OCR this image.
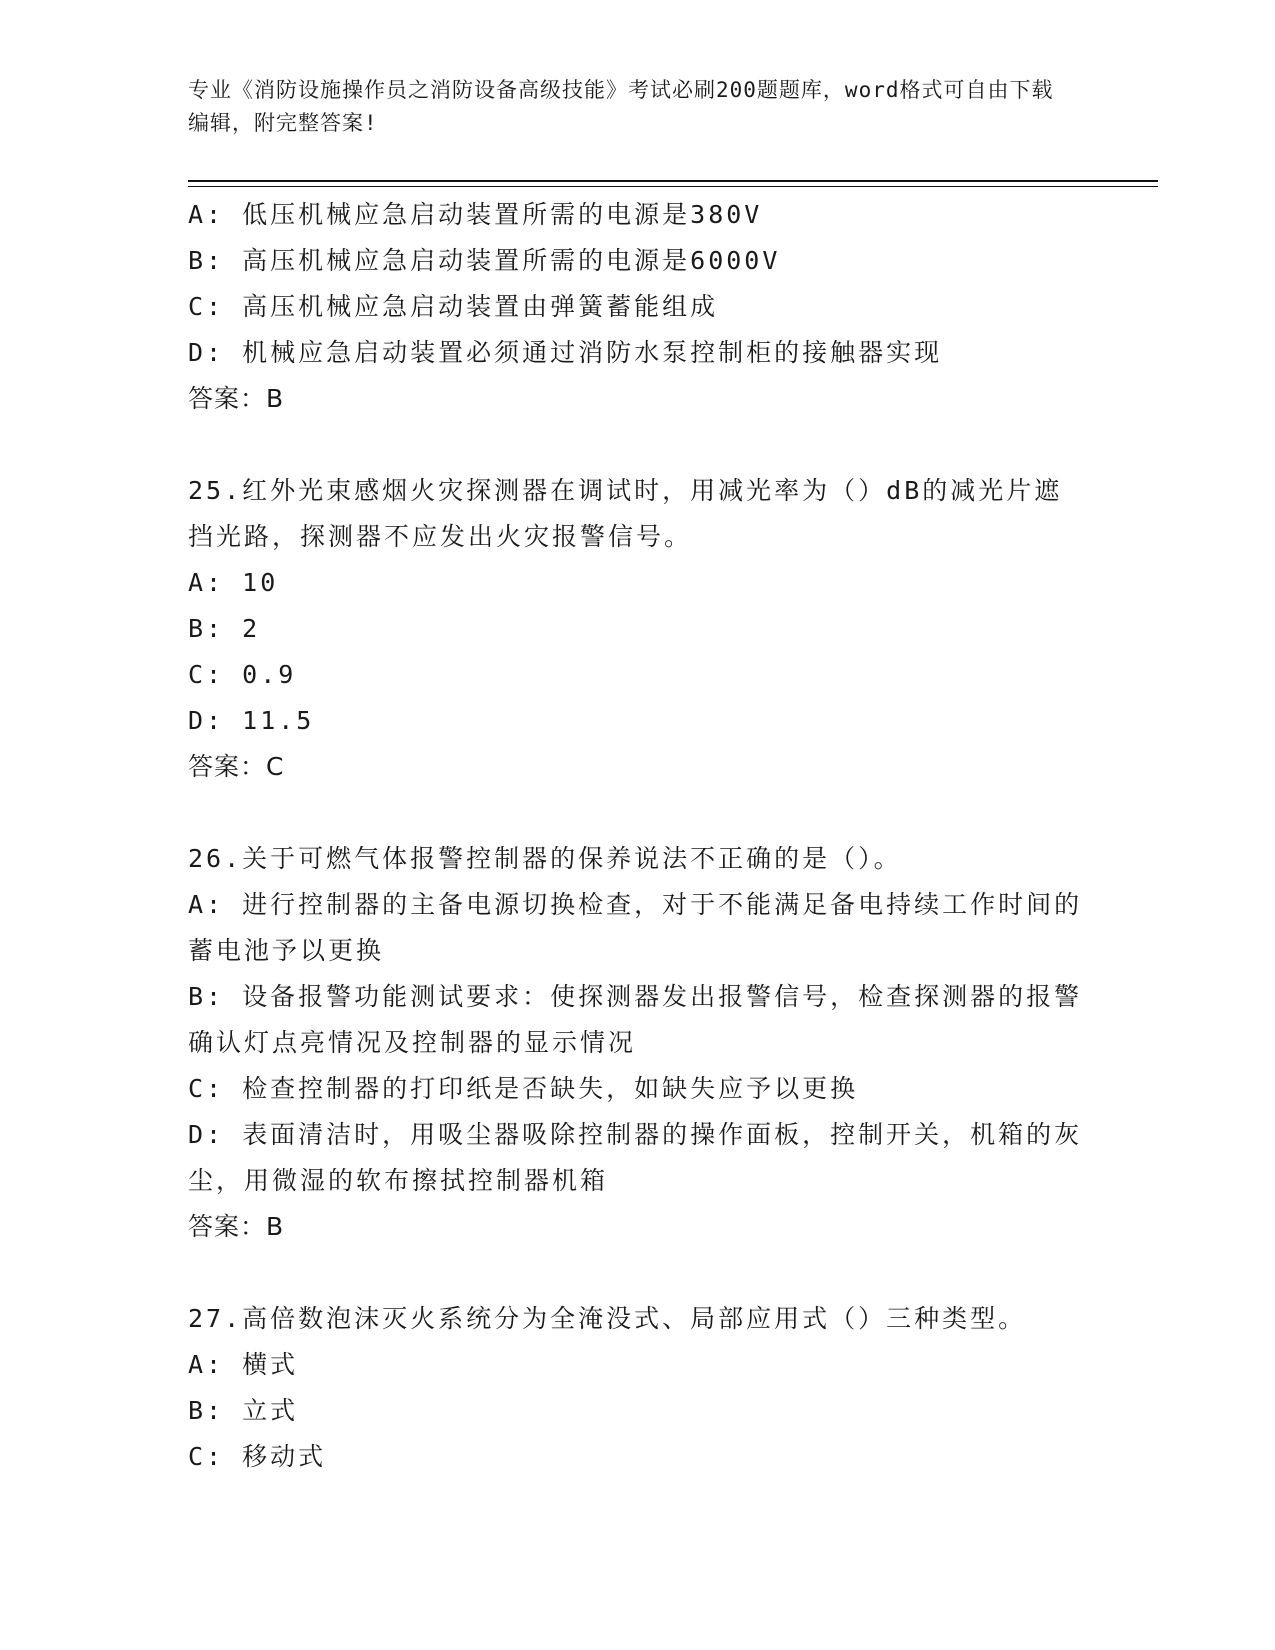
专业《消防设施操作员之消防设备高级技能》考试必刷200题题库，word格式可自由下载编辑，附完整答案!
A: 低压机械应急启动装置所需的电源是380V
B: 高压机械应急启动装置所需的电源是6000V
C: 高压机械应急启动装置由弹簧蓄能组成
D: 机械应急启动装置必须通过消防水泵控制柜的接触器实现
答案：B
25.红外光束感烟火灾探测器在调试时，用减光率为（）dB的减光片遮挡光路，探测器不应发出火灾报警信号。
A: 10
B: 2
C: 0.9
D: 11.5
答案：C
26.关于可燃气体报警控制器的保养说法不正确的是（）。
A: 进行控制器的主备电源切换检查，对于不能满足备电持续工作时间的蓄电池予以更换
B: 设备报警功能测试要求：使探测器发出报警信号，检查探测器的报警确认灯点亮情况及控制器的显示情况
C: 检查控制器的打印纸是否缺失，如缺失应予以更换
D: 表面清洁时，用吸尘器吸除控制器的操作面板，控制开关，机箱的灰尘，用微湿的软布擦拭控制器机箱
答案：B
27.高倍数泡沫灭火系统分为全淹没式、局部应用式（）三种类型。
A: 横式
B: 立式
C: 移动式
